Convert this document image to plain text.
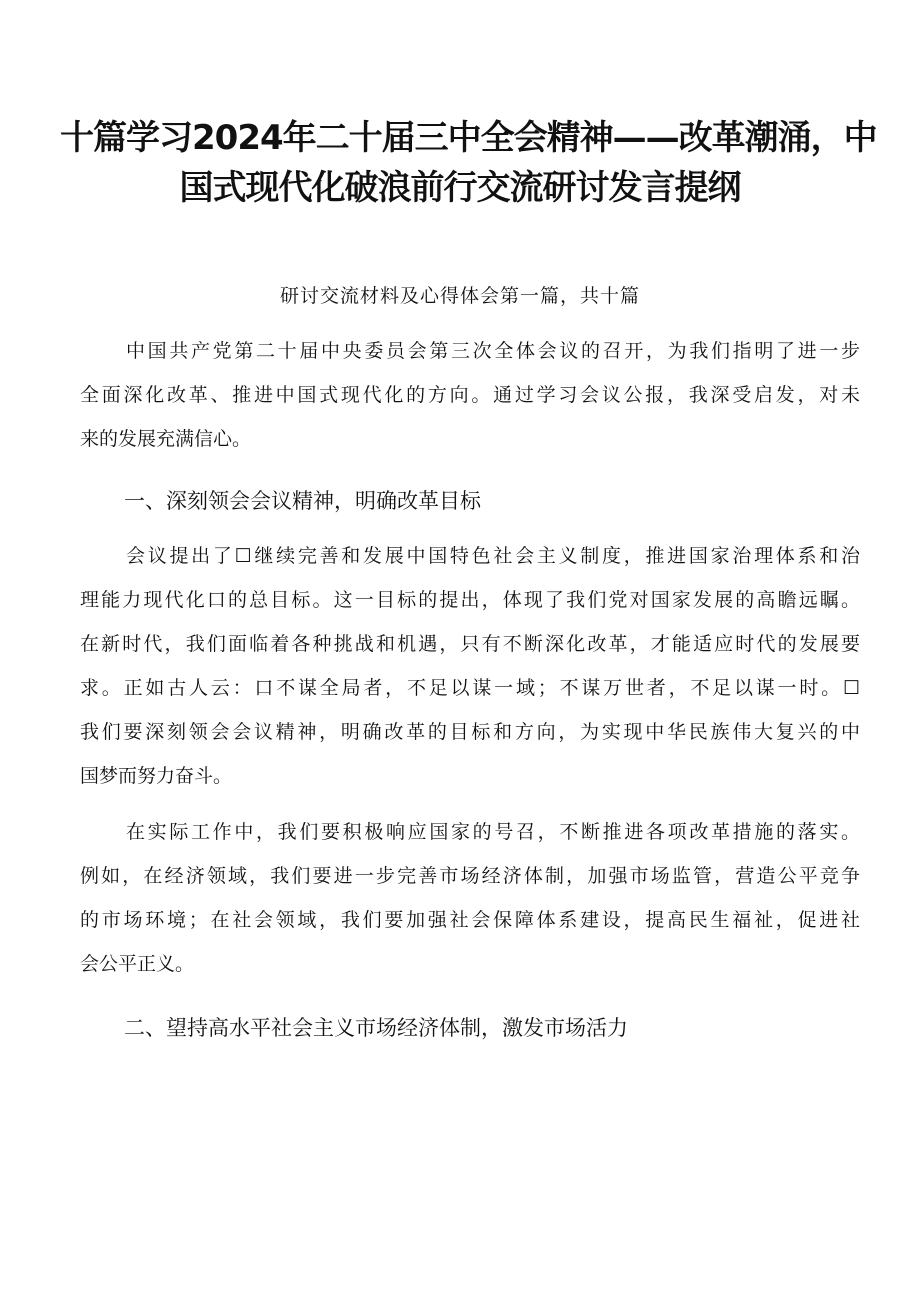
十篇学习2024年二十届三中全会精神——改革潮涌，中
国式现代化破浪前行交流研讨发言提纲
研讨交流材料及心得体会第一篇，共十篇
中国共产党第二十届中央委员会第三次全体会议的召开，为我们指明了进一步
全面深化改革、推进中国式现代化的方向。通过学习会议公报，我深受启发，对未
来的发展充满信心。
一、深刻领会会议精神，明确改革目标
会议提出了☐继续完善和发展中国特色社会主义制度，推进国家治理体系和治
理能力现代化口的总目标。这一目标的提出，体现了我们党对国家发展的高瞻远瞩。
在新时代，我们面临着各种挑战和机遇，只有不断深化改革，才能适应时代的发展要
求。正如古人云：口不谋全局者，不足以谋一域；不谋万世者，不足以谋一时。☐
我们要深刻领会会议精神，明确改革的目标和方向，为实现中华民族伟大复兴的中
国梦而努力奋斗。
在实际工作中，我们要积极响应国家的号召，不断推进各项改革措施的落实。
例如，在经济领域，我们要进一步完善市场经济体制，加强市场监管，营造公平竞争
的市场环境；在社会领域，我们要加强社会保障体系建设，提高民生福祉，促进社
会公平正义。
二、望持高水平社会主义市场经济体制，激发市场活力
